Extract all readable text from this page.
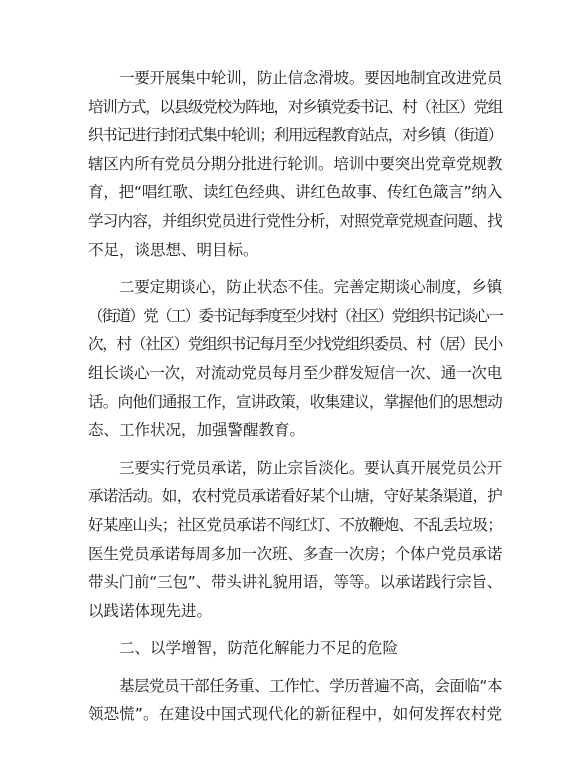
一要开展集中轮训，防止信念滑坡。要因地制宜改进党员
培训方式，以县级党校为阵地，对乡镇党委书记、村（社区）党组
织书记进行封闭式集中轮训；利用远程教育站点，对乡镇（街道）
辖区内所有党员分期分批进行轮训。培训中要突出党章党规教
育，把“唱红歌、读红色经典、讲红色故事、传红色箴言”纳入
学习内容，并组织党员进行党性分析，对照党章党规查问题、找
不足，谈思想、明目标。
二要定期谈心，防止状态不佳。完善定期谈心制度，乡镇
（街道）党（工）委书记每季度至少找村（社区）党组织书记谈心一
次，村（社区）党组织书记每月至少找党组织委员、村（居）民小
组长谈心一次，对流动党员每月至少群发短信一次、通一次电
话。向他们通报工作，宣讲政策，收集建议，掌握他们的思想动
态、工作状况，加强警醒教育。
三要实行党员承诺，防止宗旨淡化。要认真开展党员公开
承诺活动。如，农村党员承诺看好某个山塘，守好某条渠道，护
好某座山头；社区党员承诺不闯红灯、不放鞭炮、不乱丢垃圾；
医生党员承诺每周多加一次班、多查一次房；个体户党员承诺
带头门前“三包”、带头讲礼貌用语，等等。以承诺践行宗旨、
以践诺体现先进。
二、以学增智，防范化解能力不足的危险
基层党员干部任务重、工作忙、学历普遍不高，会面临“本
领恐慌”。在建设中国式现代化的新征程中，如何发挥农村党
